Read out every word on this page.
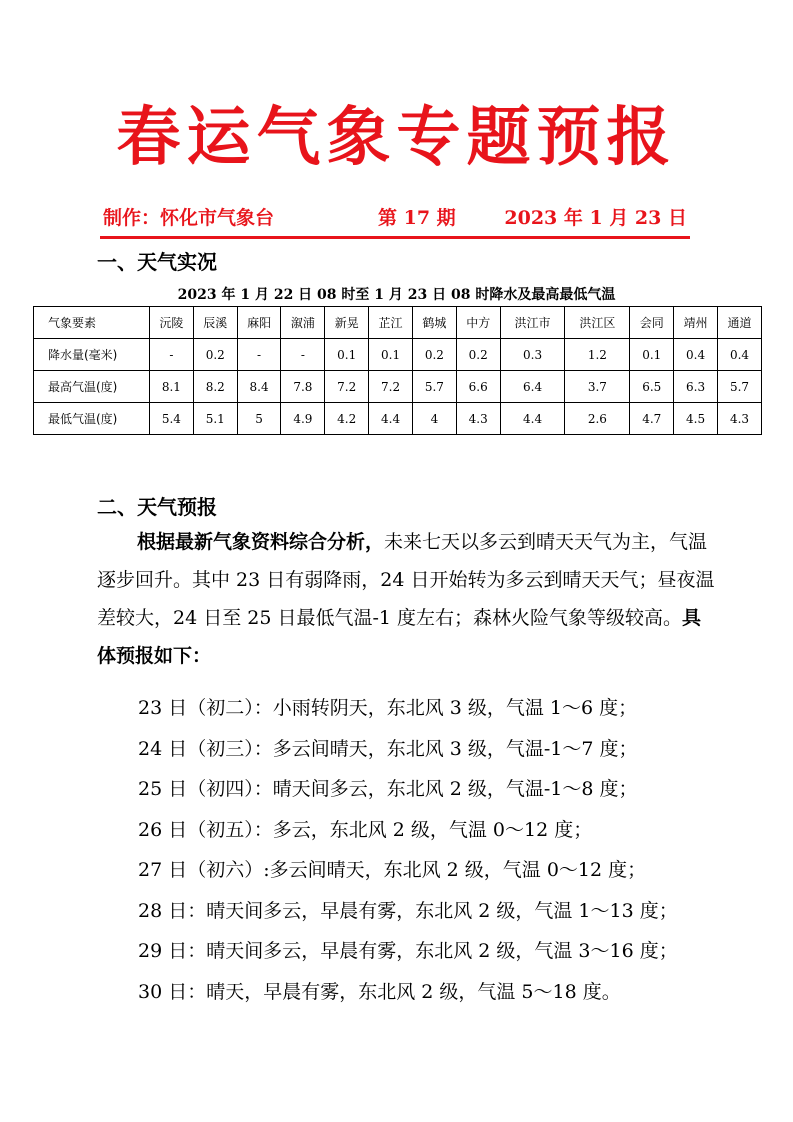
春运气象专题预报
制作：怀化市气象台	第 17 期	2023 年 1 月 23 日
一、天气实况
2023 年 1 月 22 日 08 时至 1 月 23 日 08 时降水及最高最低气温
气象要素	沅陵	辰溪	麻阳	溆浦	新晃	芷江	鹤城	中方	洪江市	洪江区	会同	靖州	通道
降水量(毫米)	-	0.2	-	-	0.1	0.1	0.2	0.2	0.3	1.2	0.1	0.4	0.4
最高气温(度)	8.1	8.2	8.4	7.8	7.2	7.2	5.7	6.6	6.4	3.7	6.5	6.3	5.7
最低气温(度)	5.4	5.1	5	4.9	4.2	4.4	4	4.3	4.4	2.6	4.7	4.5	4.3
二、天气预报

根据最新气象资料综合分析，未来七天以多云到晴天天气为主，气温逐步回升。其中 23 日有弱降雨，24 日开始转为多云到晴天天气；昼夜温差较大，24 日至 25 日最低气温-1 度左右；森林火险气象等级较高。具体预报如下：

23 日（初二）：小雨转阴天，东北风 3 级，气温 1～6 度；
24 日（初三）：多云间晴天，东北风 3 级，气温-1～7 度；
25 日（初四）：晴天间多云，东北风 2 级，气温-1～8 度；
26 日（初五）：多云，东北风 2 级，气温 0～12 度；
27 日（初六）:多云间晴天，东北风 2 级，气温 0～12 度；
28 日：晴天间多云，早晨有雾，东北风 2 级，气温 1～13 度；
29 日：晴天间多云，早晨有雾，东北风 2 级，气温 3～16 度；
30 日：晴天，早晨有雾，东北风 2 级，气温 5～18 度。
